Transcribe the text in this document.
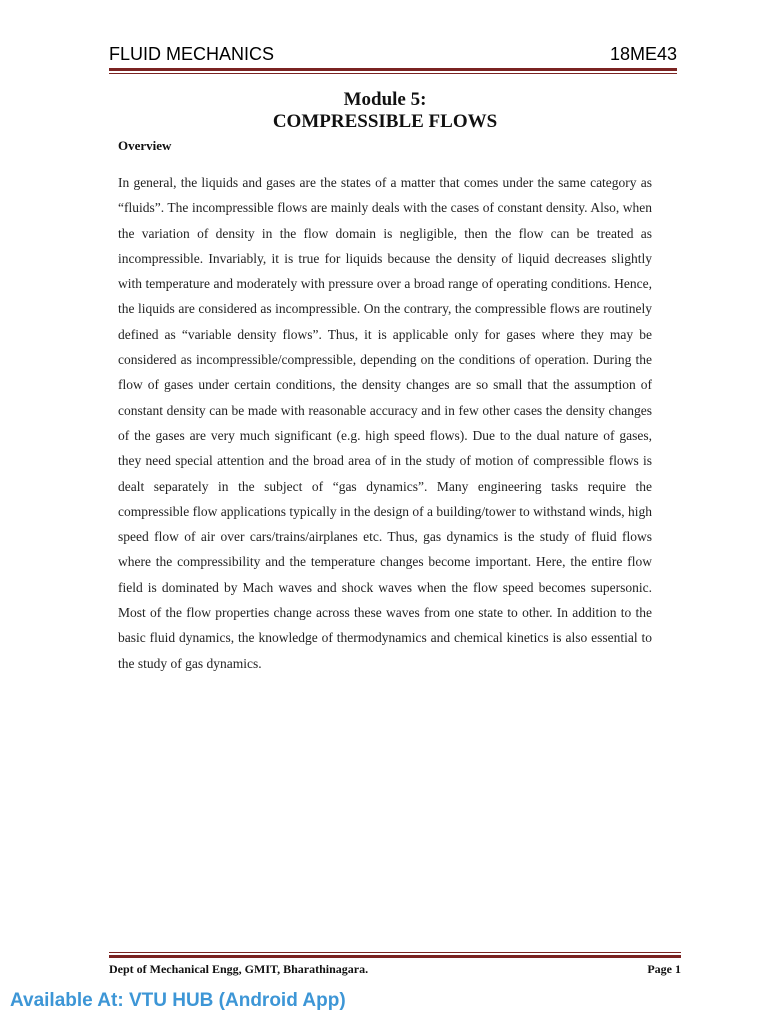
FLUID MECHANICS	18ME43
Module 5:
COMPRESSIBLE FLOWS
Overview
In general, the liquids and gases are the states of a matter that comes under the same category as “fluids”. The incompressible flows are mainly deals with the cases of constant density. Also, when the variation of density in the flow domain is negligible, then the flow can be treated as incompressible. Invariably, it is true for liquids because the density of liquid decreases slightly with temperature and moderately with pressure over a broad range of operating conditions. Hence, the liquids are considered as incompressible. On the contrary, the compressible flows are routinely defined as “variable density flows”. Thus, it is applicable only for gases where they may be considered as incompressible/compressible, depending on the conditions of operation. During the flow of gases under certain conditions, the density changes are so small that the assumption of constant density can be made with reasonable accuracy and in few other cases the density changes of the gases are very much significant (e.g. high speed flows). Due to the dual nature of gases, they need special attention and the broad area of in the study of motion of compressible flows is dealt separately in the subject of “gas dynamics”. Many engineering tasks require the compressible flow applications typically in the design of a building/tower to withstand winds, high speed flow of air over cars/trains/airplanes etc. Thus, gas dynamics is the study of fluid flows where the compressibility and the temperature changes become important. Here, the entire flow field is dominated by Mach waves and shock waves when the flow speed becomes supersonic. Most of the flow properties change across these waves from one state to other. In addition to the basic fluid dynamics, the knowledge of thermodynamics and chemical kinetics is also essential to the study of gas dynamics.
Dept of Mechanical Engg, GMIT, Bharathinagara.	Page 1
Available At: VTU HUB (Android App)
